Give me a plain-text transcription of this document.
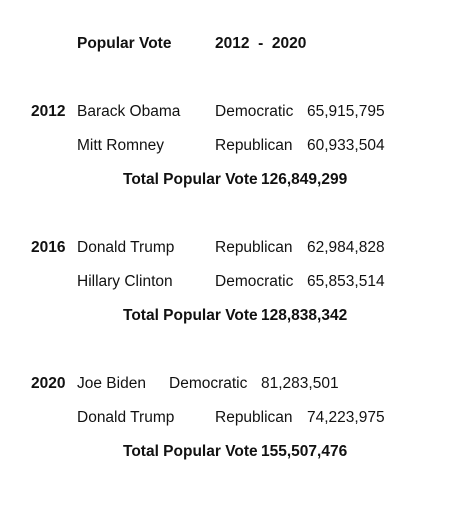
Popular Vote	2012  -  2020
2012 Barack Obama Democratic 65,915,795
Mitt Romney	Republican 60,933,504
Total Popular Vote 126,849,299
2016 Donald Trump	Republican 62,984,828
Hillary Clinton	Democratic 65,853,514
Total Popular Vote 128,838,342
2020 Joe Biden Democratic 81,283,501
Donald Trump	Republican 74,223,975
Total Popular Vote 155,507,476
